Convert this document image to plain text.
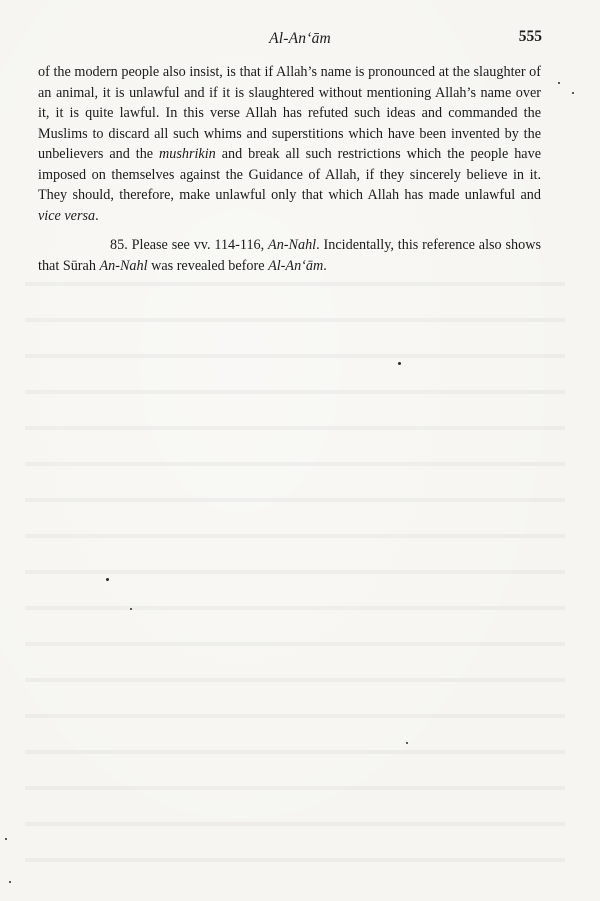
Al-An‘ām	555

of the modern people also insist, is that if Allah’s name is pronounced at the slaughter of an animal, it is unlawful and if it is slaughtered without mentioning Allah’s name over it, it is quite lawful. In this verse Allah has refuted such ideas and commanded the Muslims to discard all such whims and superstitions which have been invented by the unbelievers and the mushrikin and break all such restrictions which the people have imposed on themselves against the Guidance of Allah, if they sincerely believe in it. They should, therefore, make unlawful only that which Allah has made unlawful and vice versa.

85. Please see vv. 114-116, An-Nahl. Incidentally, this reference also shows that Sūrah An-Nahl was revealed before Al-An‘ām.
